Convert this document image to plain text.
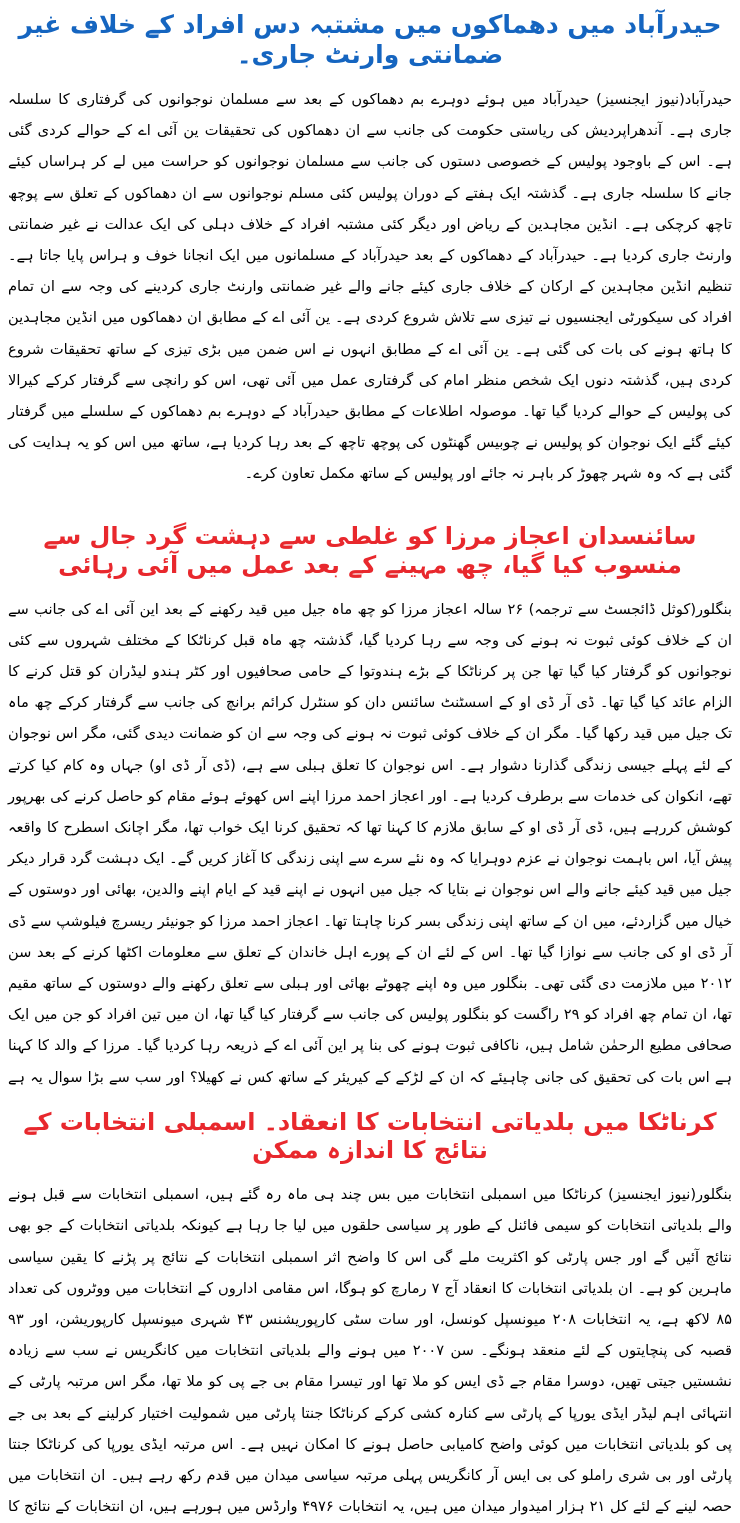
حیدرآباد میں دھماکوں میں مشتبہ دس افراد کے خلاف غیر ضمانتی وارنٹ جاری۔

حیدرآباد(نیوز ایجنسیز) حیدرآباد میں ہوئے دوہرے بم دھماکوں کے بعد سے مسلمان نوجوانوں کی گرفتاری کا سلسلہ جاری ہے۔ آندھراپردیش کی ریاستی حکومت کی جانب سے ان دھماکوں کی تحقیقات ین آئی اے کے حوالے کردی گئی ہے۔ اس کے باوجود پولیس کے خصوصی دستوں کی جانب سے مسلمان نوجوانوں کو حراست میں لے کر ہراساں کیئے جانے کا سلسلہ جاری ہے۔ گذشتہ ایک ہفتے کے دوران پولیس کئی مسلم نوجوانوں سے ان دھماکوں کے تعلق سے پوچھ تاچھ کرچکی ہے۔ انڈین مجاہدین کے ریاض اور دیگر کئی مشتبہ افراد کے خلاف دہلی کی ایک عدالت نے غیر ضمانتی وارنٹ جاری کردیا ہے۔ حیدرآباد کے دھماکوں کے بعد حیدرآباد کے مسلمانوں میں ایک انجانا خوف و ہراس پایا جاتا ہے۔ تنظیم انڈین مجاہدین کے ارکان کے خلاف جاری کیئے جانے والے غیر ضمانتی وارنٹ جاری کردینے کی وجہ سے ان تمام افراد کی سیکورٹی ایجنسیوں نے تیزی سے تلاش شروع کردی ہے۔ ین آئی اے کے مطابق ان دھماکوں میں انڈین مجاہدین کا ہاتھ ہونے کی بات کی گئی ہے۔ ین آئی اے کے مطابق انہوں نے اس ضمن میں بڑی تیزی کے ساتھ تحقیقات شروع کردی ہیں، گذشتہ دنوں ایک شخص منظر امام کی گرفتاری عمل میں آئی تھی، اس کو رانچی سے گرفتار کرکے کیرالا کی پولیس کے حوالے کردیا گیا تھا۔ موصولہ اطلاعات کے مطابق حیدرآباد کے دوہرے بم دھماکوں کے سلسلے میں گرفتار کیئے گئے ایک نوجوان کو پولیس نے چوبیس گھنٹوں کی پوچھ تاچھ کے بعد رہا کردیا ہے، ساتھ میں اس کو یہ ہدایت کی گئی ہے کہ وہ شہر چھوڑ کر باہر نہ جائے اور پولیس کے ساتھ مکمل تعاون کرے۔

سائنسدان اعجاز مرزا کو غلطی سے دہشت گرد جال سے منسوب کیا گیا، چھ مہینے کے بعد عمل میں آئی رہائی

بنگلور(کوثل ڈائجسٹ سے ترجمہ) ۲۶ سالہ اعجاز مرزا کو چھ ماہ جیل میں قید رکھنے کے بعد این آئی اے کی جانب سے ان کے خلاف کوئی ثبوت نہ ہونے کی وجہ سے رہا کردیا گیا، گذشتہ چھ ماہ قبل کرناٹکا کے مختلف شہروں سے کئی نوجوانوں کو گرفتار کیا گیا تھا جن پر کرناٹکا کے بڑے ہندوتوا کے حامی صحافیوں اور کٹر ہندو لیڈران کو قتل کرنے کا الزام عائد کیا گیا تھا۔ ڈی آر ڈی او کے اسسٹنٹ سائنس دان کو سنٹرل کرائم برانچ کی جانب سے گرفتار کرکے چھ ماہ تک جیل میں قید رکھا گیا۔ مگر ان کے خلاف کوئی ثبوت نہ ہونے کی وجہ سے ان کو ضمانت دیدی گئی، مگر اس نوجوان کے لئے پہلے جیسی زندگی گذارنا دشوار ہے۔ اس نوجوان کا تعلق ہبلی سے ہے، (ڈی آر ڈی او) جہاں وہ کام کیا کرتے تھے، انکوان کی خدمات سے برطرف کردیا ہے۔ اور اعجاز احمد مرزا اپنے اس کھوئے ہوئے مقام کو حاصل کرنے کی بھرپور کوشش کررہے ہیں، ڈی آر ڈی او کے سابق ملازم کا کہنا تھا کہ تحقیق کرنا ایک خواب تھا، مگر اچانک اسطرح کا واقعہ پیش آیا، اس باہمت نوجوان نے عزم دوہرایا کہ وہ نئے سرے سے اپنی زندگی کا آغاز کریں گے۔ ایک دہشت گرد قرار دیکر جیل میں قید کیئے جانے والے اس نوجوان نے بتایا کہ جیل میں انہوں نے اپنے قید کے ایام اپنے والدین، بھائی اور دوستوں کے خیال میں گزاردئے، میں ان کے ساتھ اپنی زندگی بسر کرنا چاہتا تھا۔ اعجاز احمد مرزا کو جونیئر ریسرچ فیلوشپ سے ڈی آر ڈی او کی جانب سے نوازا گیا تھا۔ اس کے لئے ان کے پورے اہل خاندان کے تعلق سے معلومات اکٹھا کرنے کے بعد سن ۲۰۱۲ میں ملازمت دی گئی تھی۔ بنگلور میں وہ اپنے چھوٹے بھائی اور ہبلی سے تعلق رکھنے والے دوستوں کے ساتھ مقیم تھا، ان تمام چھ افراد کو ۲۹ راگست کو بنگلور پولیس کی جانب سے گرفتار کیا گیا تھا، ان میں تین افراد کو جن میں ایک صحافی مطیع الرحمٰن شامل ہیں، ناکافی ثبوت ہونے کی بنا پر این آئی اے کے ذریعہ رہا کردیا گیا۔ مرزا کے والد کا کہنا ہے اس بات کی تحقیق کی جانی چاہیئے کہ ان کے لڑکے کے کیریئر کے ساتھ کس نے کھیلا؟ اور سب سے بڑا سوال یہ ہے

کرناٹکا میں بلدیاتی انتخابات کا انعقاد۔ اسمبلی انتخابات کے نتائج کا اندازہ ممکن

بنگلور(نیوز ایجنسیز) کرناٹکا میں اسمبلی انتخابات میں بس چند ہی ماہ رہ گئے ہیں، اسمبلی انتخابات سے قبل ہونے والے بلدیاتی انتخابات کو سیمی فائنل کے طور پر سیاسی حلقوں میں لیا جا رہا ہے کیونکہ بلدیاتی انتخابات کے جو بھی نتائج آئیں گے اور جس پارٹی کو اکثریت ملے گی اس کا واضح اثر اسمبلی انتخابات کے نتائج پر پڑنے کا یقین سیاسی ماہرین کو ہے۔ ان بلدیاتی انتخابات کا انعقاد آج ۷ رمارچ کو ہوگا، اس مقامی اداروں کے انتخابات میں ووٹروں کی تعداد ۸۵ لاکھ ہے، یہ انتخابات ۲۰۸ میونسپل کونسل، اور سات سٹی کارپوریشنس ۴۳ شہری میونسپل کارپوریشن، اور ۹۳ قصبہ کی پنچایتوں کے لئے منعقد ہونگے۔ سن ۲۰۰۷ میں ہونے والے بلدیاتی انتخابات میں کانگریس نے سب سے زیادہ نشستیں جیتی تھیں، دوسرا مقام جے ڈی ایس کو ملا تھا اور تیسرا مقام بی جے پی کو ملا تھا، مگر اس مرتبہ پارٹی کے انتہائی اہم لیڈر ایڈی یورپا کے پارٹی سے کنارہ کشی کرکے کرناٹکا جنتا پارٹی میں شمولیت اختیار کرلینے کے بعد بی جے پی کو بلدیاتی انتخابات میں کوئی واضح کامیابی حاصل ہونے کا امکان نہیں ہے۔ اس مرتبہ ایڈی یورپا کی کرناٹکا جنتا پارٹی اور بی شری راملو کی بی ایس آر کانگریس پہلی مرتبہ سیاسی میدان میں قدم رکھ رہے ہیں۔ ان انتخابات میں حصہ لینے کے لئے کل ۲۱ ہزار امیدوار میدان میں ہیں، یہ انتخابات ۴۹۷۶ وارڈس میں ہورہے ہیں، ان انتخابات کے نتائج کا
